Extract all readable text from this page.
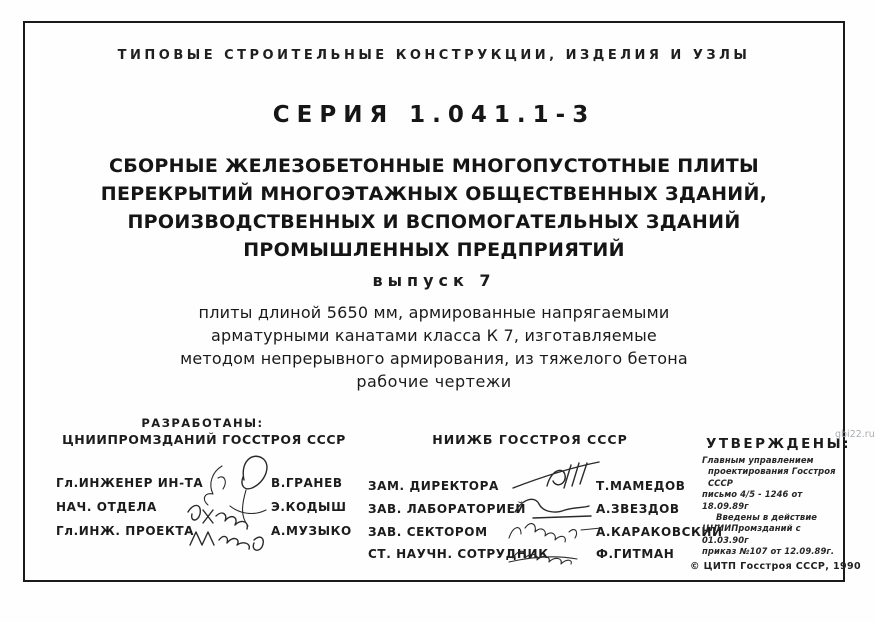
ТИПОВЫЕ СТРОИТЕЛЬНЫЕ КОНСТРУКЦИИ, ИЗДЕЛИЯ И УЗЛЫ
СЕРИЯ 1.041.1-3
СБОРНЫЕ ЖЕЛЕЗОБЕТОННЫЕ МНОГОПУСТОТНЫЕ ПЛИТЫ
ПЕРЕКРЫТИЙ МНОГОЭТАЖНЫХ ОБЩЕСТВЕННЫХ ЗДАНИЙ,
ПРОИЗВОДСТВЕННЫХ И ВСПОМОГАТЕЛЬНЫХ ЗДАНИЙ
ПРОМЫШЛЕННЫХ ПРЕДПРИЯТИЙ
выпуск 7
плиты длиной 5650 мм, армированные напрягаемыми
арматурными канатами класса К 7, изготавляемые
методом непрерывного армирования, из тяжелого бетона
рабочие чертежи
РАЗРАБОТАНЫ:
ЦНИИПРОМЗДАНИЙ ГОССТРОЯ СССР
Гл.ИНЖЕНЕР ИН-ТА
НАЧ. ОТДЕЛА
Гл.ИНЖ. ПРОЕКТА
В.ГРАНЕВ
Э.КОДЫШ
А.МУЗЫКО
НИИЖБ ГОССТРОЯ СССР
ЗАМ. ДИРЕКТОРА
ЗАВ. ЛАБОРАТОРИЕЙ
ЗАВ. СЕКТОРОМ
СТ. НАУЧН. СОТРУДНИК
Т.МАМЕДОВ
А.ЗВЕЗДОВ
А.КАРАКОВСКИЙ
Ф.ГИТМАН
УТВЕРЖДЕНЫ:
Главным управлением
проектирования Госстроя СССР
письмо 4/5 - 1246 от 18.09.89г
Введены в действие
ЦНИИПромзданий с 01.03.90г
приказ №107 от 12.09.89г.
© ЦИТП Госстроя СССР, 1990
gbi22.ru
